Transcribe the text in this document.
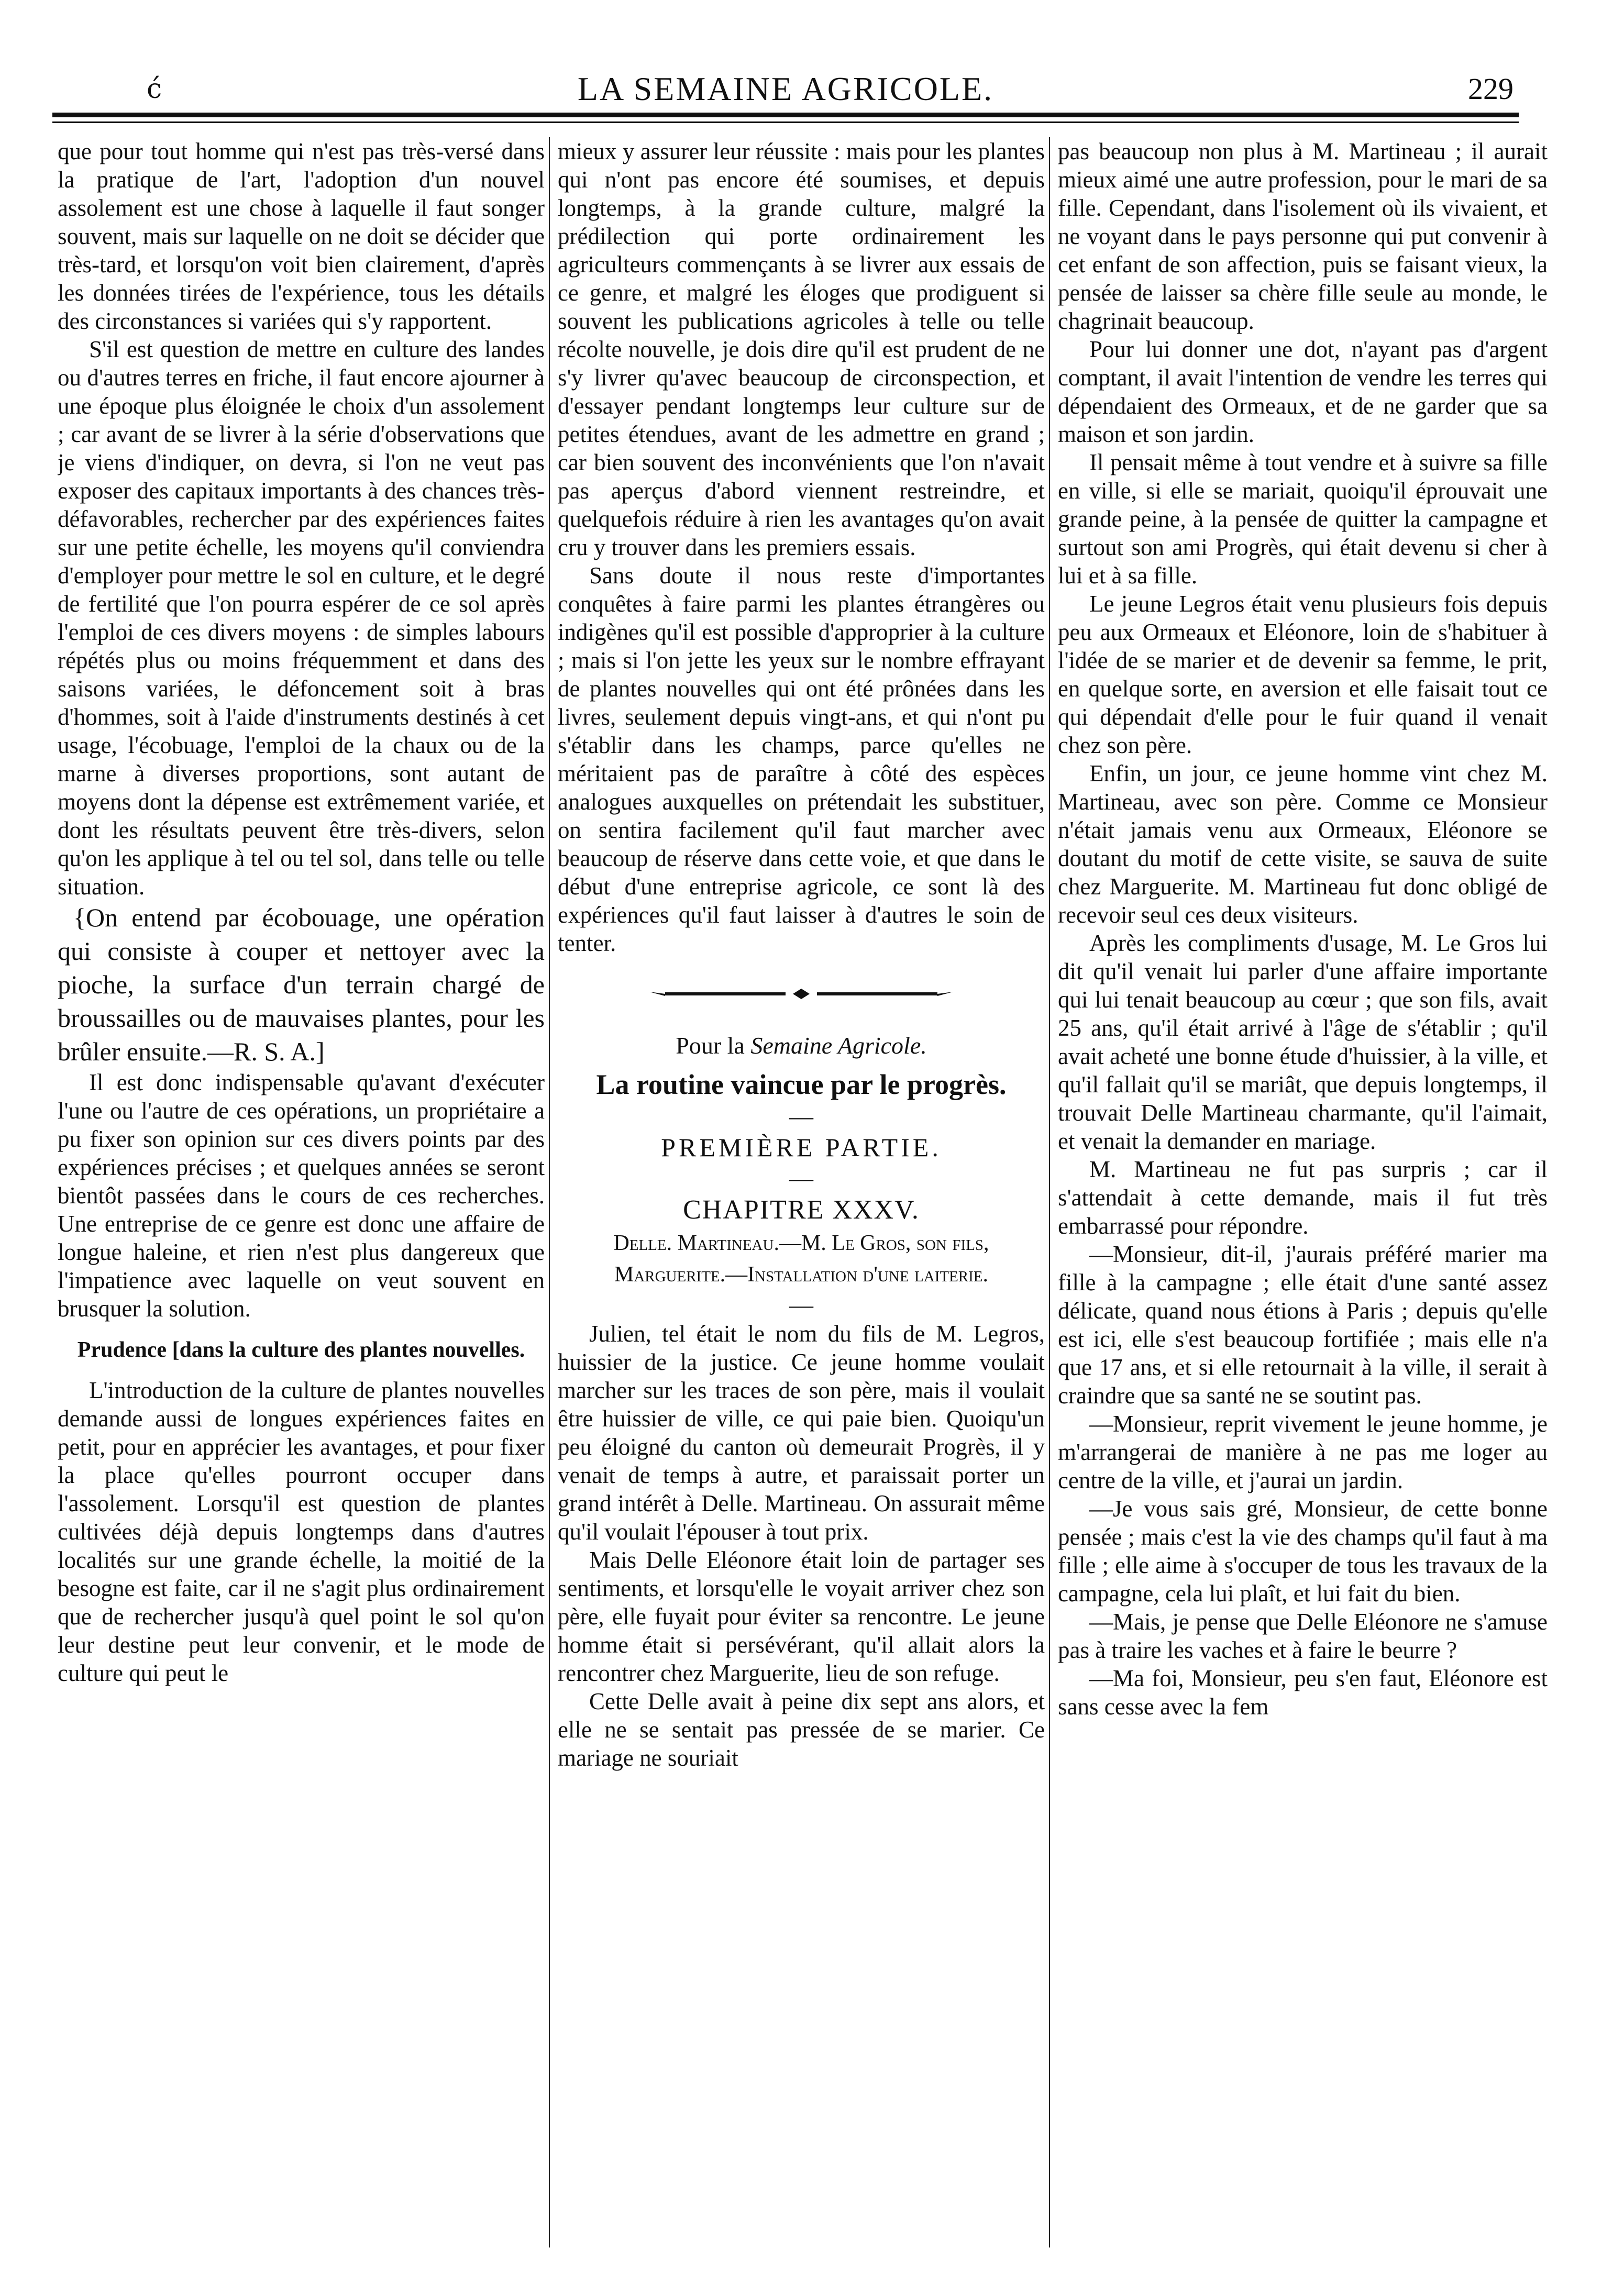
ć	LA SEMAINE AGRICOLE.	229

que pour tout homme qui n'est pas très-versé dans la pratique de l'art, l'adoption d'un nouvel assolement est une chose à laquelle il faut songer souvent, mais sur laquelle on ne doit se décider que très-tard, et lorsqu'on voit bien clairement, d'après les données tirées de l'expérience, tous les détails des circonstances si variées qui s'y rapportent.

S'il est question de mettre en culture des landes ou d'autres terres en friche, il faut encore ajourner à une époque plus éloignée le choix d'un assolement ; car avant de se livrer à la série d'observations que je viens d'indiquer, on devra, si l'on ne veut pas exposer des capitaux importants à des chances très-défavorables, rechercher par des expériences faites sur une petite échelle, les moyens qu'il conviendra d'employer pour mettre le sol en culture, et le degré de fertilité que l'on pourra espérer de ce sol après l'emploi de ces divers moyens : de simples labours répétés plus ou moins fréquemment et dans des saisons variées, le défoncement soit à bras d'hommes, soit à l'aide d'instruments destinés à cet usage, l'écobuage, l'emploi de la chaux ou de la marne à diverses proportions, sont autant de moyens dont la dépense est extrêmement variée, et dont les résultats peuvent être très-divers, selon qu'on les applique à tel ou tel sol, dans telle ou telle situation.

{On entend par écobouage, une opération qui consiste à couper et nettoyer avec la pioche, la surface d'un terrain chargé de broussailles ou de mauvaises plantes, pour les brûler ensuite.—R. S. A.]

Il est donc indispensable qu'avant d'exécuter l'une ou l'autre de ces opérations, un propriétaire a pu fixer son opinion sur ces divers points par des expériences précises ; et quelques années se seront bientôt passées dans le cours de ces recherches. Une entreprise de ce genre est donc une affaire de longue haleine, et rien n'est plus dangereux que l'impatience avec laquelle on veut souvent en brusquer la solution.

Prudence [dans la culture des plantes nouvelles.

L'introduction de la culture de plantes nouvelles demande aussi de longues expériences faites en petit, pour en apprécier les avantages, et pour fixer la place qu'elles pourront occuper dans l'assolement. Lorsqu'il est question de plantes cultivées déjà depuis longtemps dans d'autres localités sur une grande échelle, la moitié de la besogne est faite, car il ne s'agit plus ordinairement que de rechercher jusqu'à quel point le sol qu'on leur destine peut leur convenir, et le mode de culture qui peut le

mieux y assurer leur réussite : mais pour les plantes qui n'ont pas encore été soumises, et depuis longtemps, à la grande culture, malgré la prédilection qui porte ordinairement les agriculteurs commençants à se livrer aux essais de ce genre, et malgré les éloges que prodiguent si souvent les publications agricoles à telle ou telle récolte nouvelle, je dois dire qu'il est prudent de ne s'y livrer qu'avec beaucoup de circonspection, et d'essayer pendant longtemps leur culture sur de petites étendues, avant de les admettre en grand ; car bien souvent des inconvénients que l'on n'avait pas aperçus d'abord viennent restreindre, et quelquefois réduire à rien les avantages qu'on avait cru y trouver dans les premiers essais.

Sans doute il nous reste d'importantes conquêtes à faire parmi les plantes étrangères ou indigènes qu'il est possible d'approprier à la culture ; mais si l'on jette les yeux sur le nombre effrayant de plantes nouvelles qui ont été prônées dans les livres, seulement depuis vingt-ans, et qui n'ont pu s'établir dans les champs, parce qu'elles ne méritaient pas de paraître à côté des espèces analogues auxquelles on prétendait les substituer, on sentira facilement qu'il faut marcher avec beaucoup de réserve dans cette voie, et que dans le début d'une entreprise agricole, ce sont là des expériences qu'il faut laisser à d'autres le soin de tenter.

Pour la Semaine Agricole.
La routine vaincue par le progrès.
—
PREMIÈRE PARTIE.
—
CHAPITRE XXXV.
Delle. Martineau.—M. Le Gros, son fils, Marguerite.—Installation d'une laiterie.
—

Julien, tel était le nom du fils de M. Legros, huissier de la justice. Ce jeune homme voulait marcher sur les traces de son père, mais il voulait être huissier de ville, ce qui paie bien. Quoiqu'un peu éloigné du canton où demeurait Progrès, il y venait de temps à autre, et paraissait porter un grand intérêt à Delle. Martineau. On assurait même qu'il voulait l'épouser à tout prix.

Mais Delle Eléonore était loin de partager ses sentiments, et lorsqu'elle le voyait arriver chez son père, elle fuyait pour éviter sa rencontre. Le jeune homme était si persévérant, qu'il allait alors la rencontrer chez Marguerite, lieu de son refuge.

Cette Delle avait à peine dix sept ans alors, et elle ne se sentait pas pressée de se marier. Ce mariage ne souriait

pas beaucoup non plus à M. Martineau ; il aurait mieux aimé une autre profession, pour le mari de sa fille. Cependant, dans l'isolement où ils vivaient, et ne voyant dans le pays personne qui put convenir à cet enfant de son affection, puis se faisant vieux, la pensée de laisser sa chère fille seule au monde, le chagrinait beaucoup.

Pour lui donner une dot, n'ayant pas d'argent comptant, il avait l'intention de vendre les terres qui dépendaient des Ormeaux, et de ne garder que sa maison et son jardin.

Il pensait même à tout vendre et à suivre sa fille en ville, si elle se mariait, quoiqu'il éprouvait une grande peine, à la pensée de quitter la campagne et surtout son ami Progrès, qui était devenu si cher à lui et à sa fille.

Le jeune Legros était venu plusieurs fois depuis peu aux Ormeaux et Eléonore, loin de s'habituer à l'idée de se marier et de devenir sa femme, le prit, en quelque sorte, en aversion et elle faisait tout ce qui dépendait d'elle pour le fuir quand il venait chez son père.

Enfin, un jour, ce jeune homme vint chez M. Martineau, avec son père. Comme ce Monsieur n'était jamais venu aux Ormeaux, Eléonore se doutant du motif de cette visite, se sauva de suite chez Marguerite. M. Martineau fut donc obligé de recevoir seul ces deux visiteurs.

Après les compliments d'usage, M. Le Gros lui dit qu'il venait lui parler d'une affaire importante qui lui tenait beaucoup au cœur ; que son fils, avait 25 ans, qu'il était arrivé à l'âge de s'établir ; qu'il avait acheté une bonne étude d'huissier, à la ville, et qu'il fallait qu'il se mariât, que depuis longtemps, il trouvait Delle Martineau charmante, qu'il l'aimait, et venait la demander en mariage.

M. Martineau ne fut pas surpris ; car il s'attendait à cette demande, mais il fut très embarrassé pour répondre.

—Monsieur, dit-il, j'aurais préféré marier ma fille à la campagne ; elle était d'une santé assez délicate, quand nous étions à Paris ; depuis qu'elle est ici, elle s'est beaucoup fortifiée ; mais elle n'a que 17 ans, et si elle retournait à la ville, il serait à craindre que sa santé ne se soutint pas.

—Monsieur, reprit vivement le jeune homme, je m'arrangerai de manière à ne pas me loger au centre de la ville, et j'aurai un jardin.

—Je vous sais gré, Monsieur, de cette bonne pensée ; mais c'est la vie des champs qu'il faut à ma fille ; elle aime à s'occuper de tous les travaux de la campagne, cela lui plaît, et lui fait du bien.

—Mais, je pense que Delle Eléonore ne s'amuse pas à traire les vaches et à faire le beurre ?

—Ma foi, Monsieur, peu s'en faut, Eléonore est sans cesse avec la fem
